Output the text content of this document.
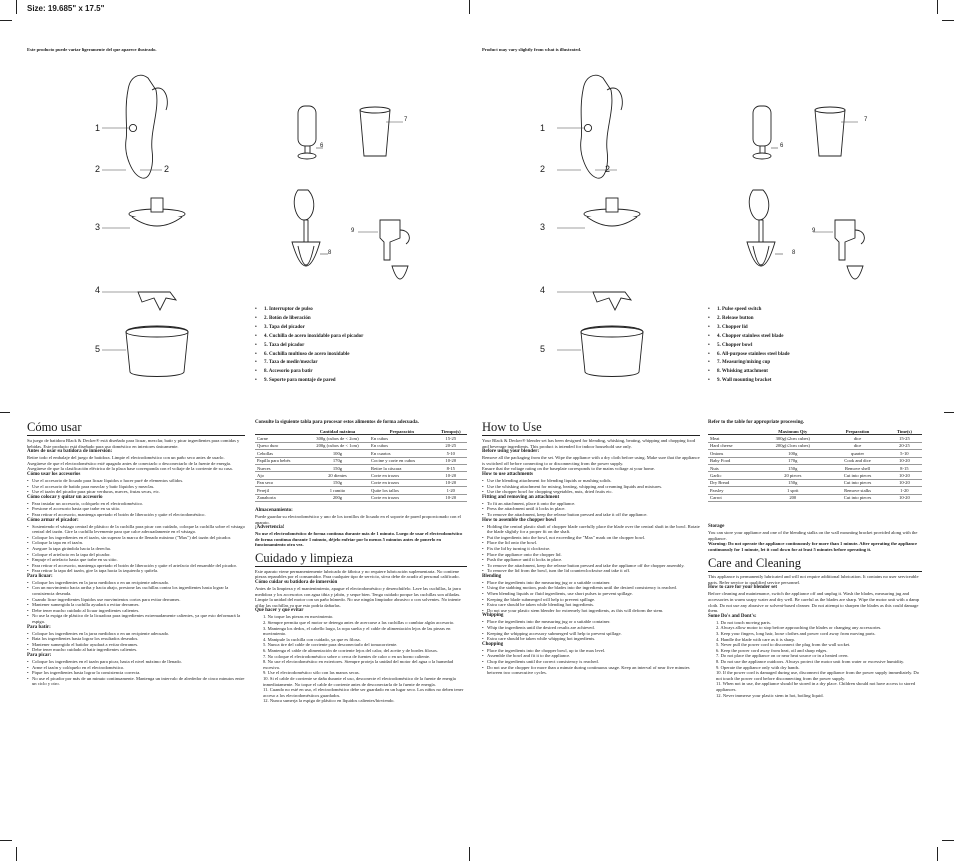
Size: 19.685" x 17.5"
Este producto puede variar ligeramente del que aparece ilustrado.	Product may vary slightly from what is illustrated.
1
2	2
3
4
5
6
7
8
9
• 1. Interruptor de pulso
• 2. Botón de liberación
• 3. Tapa del picador
• 4. Cuchilla de acero inoxidable para el picador
• 5. Taza del picador
• 6. Cuchilla multiuso de acero inoxidable
• 7. Taza de medir/mezclar
• 8. Accesorio para batir
• 9. Soporte para montaje de pared
1
2	2
3
4
5
6
7
8
9
• 1. Pulse speed switch
• 2. Release button
• 3. Chopper lid
• 4. Chopper stainless steel blade
• 5. Chopper bowl
• 6. All-purpose stainless steel blade
• 7. Measuring/mixing cup
• 8. Whisking attachment
• 9. Wall mounting bracket
Cómo usar

Su juego de batidora Black & Decker® está diseñado para licuar, mezclar, batir y picar ingredientes para comidas y bebidas. Este producto está diseñado para uso doméstico en interiores únicamente.

Antes de usar su batidora de inmersión:

Retire todo el embalaje del juego de batidora. Limpie el electrodoméstico con un paño seco antes de usarlo.

Asegúrese de que el electrodoméstico esté apagado antes de conectarlo o desconectarlo de la fuente de energía.

Asegúrese de que la clasificación eléctrica de la placa base corresponda con el voltaje de la corriente de su casa.

Cómo usar los accesorios
• Use el accesorio de licuado para licuar líquidos o hacer puré de elementos sólidos.
• Use el accesorio de batido para mezclar y batir líquidos y mezclas.
• Use el tazón del picador para picar verduras, nueces, frutas secas, etc.
Cómo colocar y quitar un accesorio
• Para instalar un accesorio, colóquelo en el electrodoméstico.
• Presione el accesorio hasta que trabe en su sitio.
• Para retirar el accesorio, mantenga apretado el botón de liberación y quite el electrodoméstico.
Cómo armar el picador:
• Sosteniendo el vástago central de plástico de la cuchilla para picar con cuidado, coloque la cuchilla sobre el vástago central del tazón. Gire la cuchilla levemente para que calce adecuadamente en el vástago.
• Coloque los ingredientes en el tazón, sin superar la marca de llenado máximo ("Max") del tazón del picador.
• Coloque la tapa en el tazón.
• Asegure la tapa girándola hacia la derecha.
• Coloque el artefacto en la tapa del picador.
• Empuje el artefacto hasta que trabe en su sitio.
• Para retirar el accesorio, mantenga apretado el botón de liberación y quite el artefacto del ensamble del picador.
• Para retirar la tapa del tazón, gire la tapa hacia la izquierda y quítela.
Para licuar:
• Coloque los ingredientes en la jarra medidora o en un recipiente adecuado.
• Con un movimiento hacia arriba y hacia abajo, presione las cuchillas contra los ingredientes hasta lograr la consistencia deseada.
• Cuando licue ingredientes líquidos use movimientos cortos para evitar derrames.
• Mantener sumergida la cuchilla ayudará a evitar derrames.
• Debe tener mucho cuidado al licuar ingredientes calientes.
• No use la espiga de plástico de la licuadora para ingredientes extremadamente calientes, ya que esto deformará la espiga.
Para batir:
• Coloque los ingredientes en la jarra medidora o en un recipiente adecuado.
• Bata los ingredientes hasta lograr los resultados deseados.
• Mantener sumergido el batidor ayudará a evitar derrames.
• Debe tener mucho cuidado al batir ingredientes calientes.
Para picar:
• Coloque los ingredientes en el tazón para picar, hasta el nivel máximo de llenado.
• Arme el tazón y colóquelo en el electrodoméstico.
• Pique los ingredientes hasta lograr la consistencia correcta.
• No use el picador por más de un minuto continuamente. Mantenga un intervalo de alrededor de cinco minutos entre un ciclo y otro.
Consulte la siguiente tabla para procesar estos alimentos de forma adecuada.
	Cantidad máxima	Preparación	Tiempo(s)
Carne	300g (cubos de < 2cm)	En cubos	15-25
Queso duro	200g (cubos de < 1cm)	En cubos	20-25
Cebollas	100g	En cuartos	5-10
Papilla para bebés	170g	Cocine y corte en cubos	10-20
Nueces	150g	Retire la cáscara	8-15
Ajo	20 dientes	Corte en trozos	10-20
Pan seco	150g	Corte en trozos	10-20
Perejil	1 ramito	Quite los tallos	1-20
Zanahoria	200g	Corte en trozos	10-20
Almacenamiento:

Puede guardar su electrodoméstico y uno de los tornillos de licuado en el soporte de pared proporcionado con el aparato.

¡Advertencia!

No use el electrodoméstico de forma continua durante más de 1 minuto. Luego de usar el electrodoméstico de forma continua durante 1 minuto, déjelo enfriar por lo menos 5 minutos antes de ponerlo en funcionamiento otra vez.

Cuidado y limpieza

Este aparato viene permanentemente lubricado de fábrica y no requiere lubricación suplementaria. No contiene piezas reparables por el consumidor. Para cualquier tipo de servicio, sírva debe de acudir al personal calificado.

Cómo cuidar su batidora de inmersión

Antes de la limpieza y el mantenimiento, apague el electrodoméstico y desenchúfelo. Lave las cuchillas, la jarra medidora y los accesorios con agua tibia y jabón, y seque bien. Tenga cuidado porque las cuchillas son afiladas. Limpie la unidad del motor con un paño húmedo. No use ningún limpiador abrasivo o con solventes. No intente afilar las cuchillas ya que esto podría dañarlas.

Qué hacer y qué evitar
1. No toque las piezas en movimiento.
2. Siempre permita que el motor se detenga antes de acercarse a las cuchillas o cambiar algún accesorio.
3. Mantenga los dedos, el cabello largo, la ropa suelta y el cable de alimentación lejos de las piezas en movimiento.
4. Manipule la cuchilla con cuidado, ya que es filosa.
5. Nunca tire del cable de corriente para desconectarlo del tomacorriente.
6. Mantenga el cable de alimentación de corriente lejos del calor, del aceite y de bordes filosos.
7. No coloque el electrodoméstico sobre o cerca de fuentes de calor o en un horno caliente.
8. No use el electrodoméstico en exteriores. Siempre proteja la unidad del motor del agua o la humedad excesiva.
9. Use el electrodoméstico sólo con las manos secas.
10. Si el cable de corriente se daña durante el uso, desconecte el electrodoméstico de la fuente de energía inmediatamente. No toque el cable de corriente antes de desconectarla de la fuente de energía.
11. Cuando no esté en uso, el electrodoméstico debe ser guardado en un lugar seco. Los niños no deben tener acceso a los electrodomésticos guardados.
12. Nunca sumerja la espiga de plástico en líquidos calientes/hirviendo.
How to Use

Your Black & Decker® blender set has been designed for blending, whisking, beating, whipping and chopping food and beverage ingredients. This product is intended for indoor household use only.

Before using your blender:

Remove all the packaging from the set. Wipe the appliance with a dry cloth before using. Make sure that the appliance is switched off before connecting to or disconnecting from the power supply.

Ensure that the voltage rating on the baseplate corresponds to the mains voltage at your home.

How to use attachments
• Use the blending attachment for blending liquids or mashing solids.
• Use the whisking attachment for mixing, beating, whipping and creaming liquids and mixtures.
• Use the chopper bowl for chopping vegetables, nuts, dried fruits etc.
Fitting and removing an attachment
• To fit an attachment, place it onto the appliance.
• Press the attachment until it locks in place.
• To remove the attachment, keep the release button pressed and take it off the appliance.
How to assemble the chopper bowl
• Holding the central plastic shaft of chopper blade carefully place the blade over the central shaft in the bowl. Rotate the blade slightly for a proper fit on the shaft.
• Put the ingredients into the bowl, not exceeding the "Max" mark on the chopper bowl.
• Place the lid onto the bowl.
• Fix the lid by turning it clockwise.
• Place the appliance onto the chopper lid.
• Push the appliance until it locks in place.
• To remove the attachment, keep the release button pressed and take the appliance off the chopper assembly.
• To remove the lid from the bowl, turn the lid counterclockwise and take it off.
Blending
• Place the ingredients into the measuring jug or a suitable container.
• Using the stabbing motion, push the blades into the ingredients until the desired consistency is reached.
• When blending liquids or fluid ingredients, use short pulses to prevent spillage.
• Keeping the blade submerged will help to prevent spillage.
• Extra care should be taken while blending hot ingredients.
• Do not use your plastic stem blender for extremely hot ingredients, as this will deform the stem.
Whipping
• Place the ingredients into the measuring jug or a suitable container.
• Whip the ingredients until the desired results are achieved.
• Keeping the whipping accessory submerged will help to prevent spillage.
• Extra care should be taken while whipping hot ingredients.
Chopping
• Place the ingredients into the chopper bowl, up to the max level.
• Assemble the bowl and fit it to the appliance.
• Chop the ingredients until the correct consistency is reached.
• Do not use the chopper for more than a minute during continuous usage. Keep an interval of near five minutes between two consecutive cycles.
Refer to the table for appropriate processing.
	Maximum Qty	Preparation	Time(s)
Meat	300g(≤2cm cubes)	dice	15-25
Hard cheese	200g(≤1cm cubes)	dice	20-25
Onions	100g	quarter	5-10
Baby Food	170g	Cook and dice	10-20
Nuts	150g	Remove shell	8-15
Garlic	20 pieces	Cut into pieces	10-20
Dry Bread	150g	Cut into pieces	10-20
Parsley	1 sprit	Remove stalks	1-20
Carrot	200	Cut into pieces	10-20
Storage

You can store your appliance and one of the blending stalks on the wall mounting bracket provided along with the appliance.

Warning: Do not operate the appliance continuously for more than 1 minute. After operating the appliance continuously for 1 minute, let it cool down for at least 5 minutes before operating it.

Care and Cleaning

This appliance is permanently lubricated and will not require additional lubrication. It contains no user serviceable parts. Refer service to qualified service personnel.

How to care for your blender set

Before cleaning and maintenance, switch the appliance off and unplug it. Wash the blades, measuring jug and accessories in warm soapy water and dry well. Be careful as the blades are sharp. Wipe the motor unit with a damp cloth. Do not use any abrasive or solvent-based cleaner. Do not attempt to sharpen the blades as this could damage them.

Some Do's and Dont's:
1. Do not touch moving parts.
2. Always allow motor to stop before approaching the blades or changing any accessories.
3. Keep your fingers, long hair, loose clothes and power cord away from moving parts.
4. Handle the blade with care as it is sharp.
5. Never pull the power cord to disconnect the plug from the wall socket.
6. Keep the power cord away from heat, oil and sharp edges.
7. Do not place the appliance on or near heat source or in a heated oven.
8. Do not use the appliance outdoors. Always protect the motor unit from water or excessive humidity.
9. Operate the appliance only with dry hands.
10. If the power cord is damaged during use, disconnect the appliance from the power supply immediately. Do not touch the power cord before disconnecting from the power supply.
11. When not in use, the appliance should be stored in a dry place. Children should not have access to stored appliances.
12. Never immerse your plastic stem in hot, boiling liquid.
